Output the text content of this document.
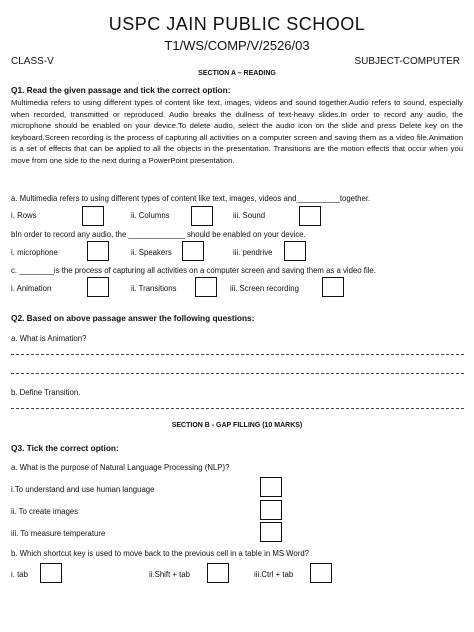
USPC JAIN PUBLIC SCHOOL
T1/WS/COMP/V/2526/03
CLASS-V	SUBJECT-COMPUTER
SECTION A – READING
Q1. Read the given passage and tick the correct option:
Multimedia refers to using different types of content like text, images, videos and sound together.Audio refers to sound, especially when recorded, transmitted or reproduced. Audio breaks the dullness of text-heavy slides.In order to record any audio, the microphone should be enabled on your device.To delete audio, select the audio icon on the slide and press Delete key on the keyboard.Screen recording is the process of capturing all activities on a computer screen and saving them as a video file.Animation is a set of effects that can be applied to all the objects in the presentation. Transitions are the motion effects that occur when you move from one side to the next during a PowerPoint presentation.
a. Multimedia refers to using different types of content like text, images, videos and__________together.
i. Rows	ii. Columns	iii. Sound
bIn order to record any audio, the _____________ should be enabled on your device.
i. microphone	ii. Speakers	iii. pendrive
c. ________is the process of capturing all activities on a computer screen and saving them as a video file.
i. Animation	ii. Transitions	iii. Screen recording
Q2. Based on above passage answer the following questions:
a. What is Animation?
b. Define Transition.
SECTION B - GAP FILLING (10 MARKS)
Q3. Tick the correct option:
a. What is the purpose of Natural Language Processing (NLP)?
i.To understand and use human language
ii. To create images
iii. To measure temperature
b. Which shortcut key is used to move back to the previous cell in a table in MS Word?
i. tab	ii.Shift + tab	iii.Ctrl + tab
